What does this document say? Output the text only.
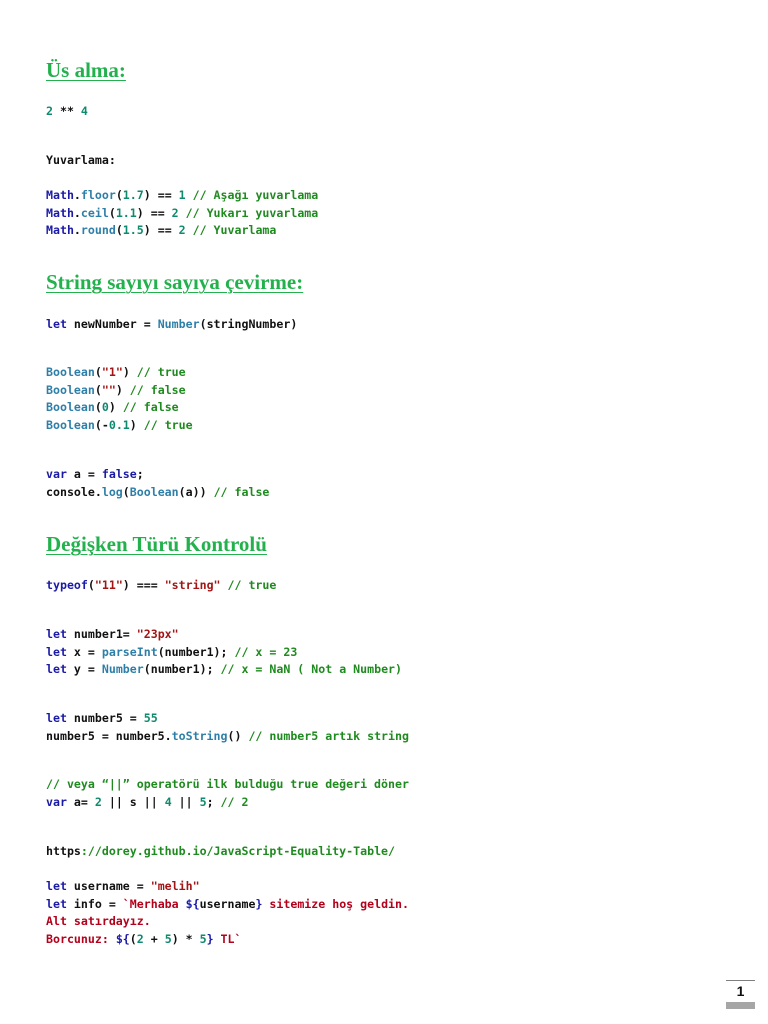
Üs alma:
2 ** 4
Yuvarlama:
Math.floor(1.7) == 1 // Aşağı yuvarlama
Math.ceil(1.1) == 2 // Yukarı yuvarlama
Math.round(1.5) == 2 // Yuvarlama
String sayıyı sayıya çevirme:
let newNumber = Number(stringNumber)
Boolean("1") // true
Boolean("") // false
Boolean(0) // false
Boolean(-0.1) // true
var a = false;
console.log(Boolean(a)) // false
Değişken Türü Kontrolü
typeof("11") === "string" // true
let number1= "23px"
let x = parseInt(number1); // x = 23
let y = Number(number1); // x = NaN ( Not a Number)
let number5 = 55
number5 = number5.toString() // number5 artık string
// veya “||” operatörü ilk bulduğu true değeri döner
var a= 2 || s || 4 || 5; // 2
https://dorey.github.io/JavaScript-Equality-Table/
let username = "melih"
let info = `Merhaba ${username} sitemize hoş geldin.
Alt satırdayız.
Borcunuz: ${(2 + 5) * 5} TL`
1
